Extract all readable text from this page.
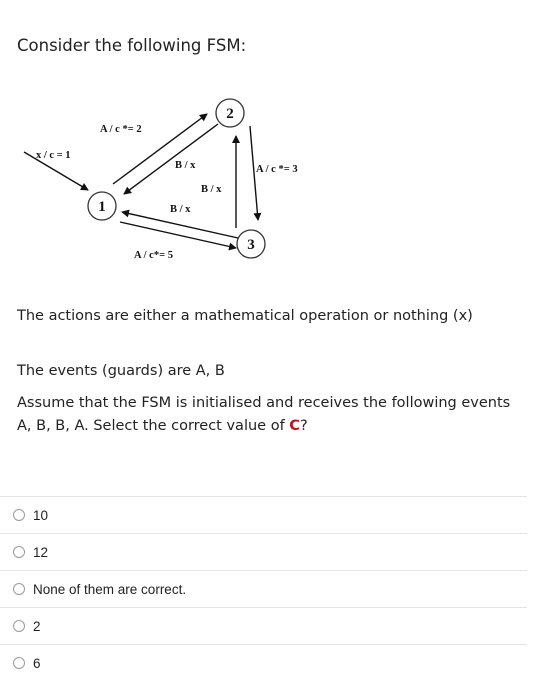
Consider the following FSM:
x / c = 1
A / c *= 2
B / x
B / x
A / c *= 3
B / x
A / c*= 5
1
2
3

The actions are either a mathematical operation or nothing (x)

The events (guards) are A, B

Assume that the FSM is initialised and receives the following events A, B, B, A. Select the correct value of C?

10
12
None of them are correct.
2
6
